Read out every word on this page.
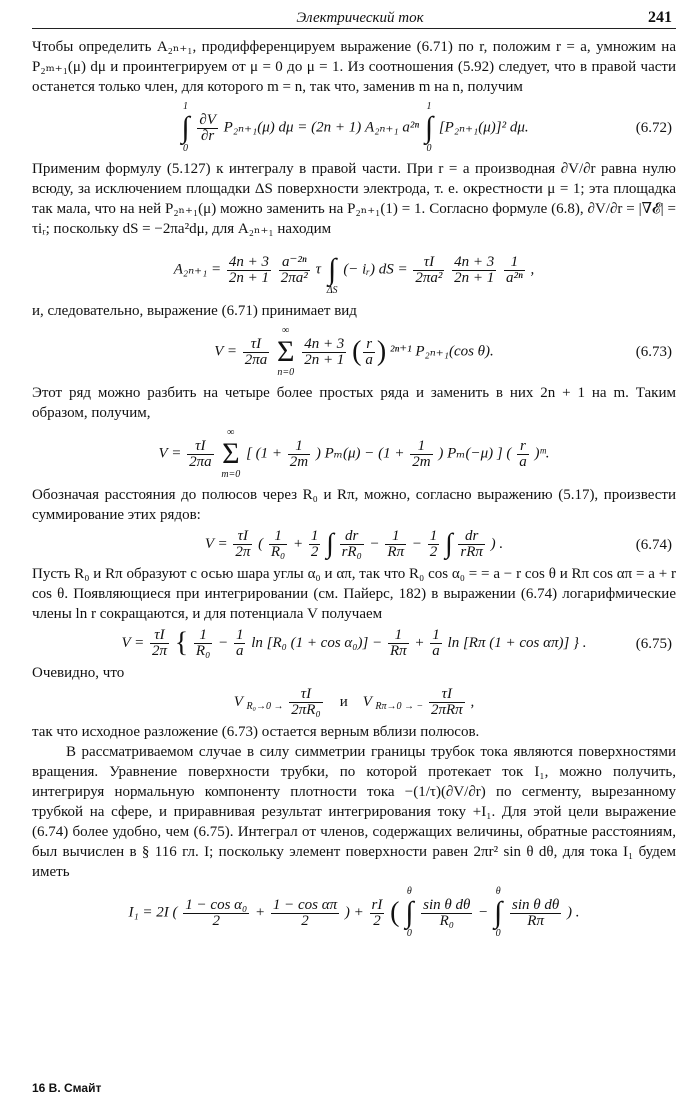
Электрический ток	241

Чтобы определить A₂ₙ₊₁, продифференцируем выражение (6.71) по r, положим r = a, умножим на P₂ₘ₊₁(μ) dμ и проинтегрируем от μ = 0 до μ = 1. Из соотношения (5.92) следует, что в правой части останется только член, для которого m = n, так что, заменив m на n, получим

1
∫
0

$\frac{\partial V}{\partial r} P_{2n+1}(\mu) d\mu = (2n + 1)$ A₂ₙ₊₁ a²ⁿ
1
∫
0
[P₂ₙ₊₁(μ)]² dμ.	(6.72)

Применим формулу (5.127) к интегралу в правой части. При r = a производная ∂V/∂r равна нулю всюду, за исключением площадки ΔS поверхности электрода, т. е. окрестности μ = 1; эта площадка так мала, что на ней P₂ₙ₊₁(μ) можно заменить на P₂ₙ₊₁(1) = 1. Согласно формуле (6.8), ∂V/∂r = |∇𝓔| = τiᵣ; поскольку dS = −2πa²dμ, для A₂ₙ₊₁ находим

$A_{2n+1} = \frac{4n + 3}{2n + 1}$
$\frac{\text{a⁻²ⁿ}}{\text{2πa²}}$ τ
∫
ΔS
(− iᵣ) dS = $\frac{\tau I}{\text{2πa²}}$
$\frac{4n + 3}{2n + 1}$
$\frac{1}{\text{a²ⁿ}}$ ,

и, следовательно, выражение (6.71) принимает вид

$V = \frac{\tau I}{2\pi a}$

∞
Σ
n=0

$\frac{4n + 3}{2n + 1}$ ( $\frac{r}{a}$ ) ²ⁿ⁺¹ P₂ₙ₊₁(cos θ).	(6.73)

Этот ряд можно разбить на четыре более простых ряда и заменить в них 2n + 1 на m. Таким образом, получим,

$V = \frac{\tau I}{2\pi a}$

∞
Σ
m=0
[ ($1 + \frac{1}{2m}$ ) $P_m(\mu) - (1 + \frac{1}{2m}$ ) Pₘ(−μ) ] ( $\frac{r}{a}$ )ᵐ.

Обозначая расстояния до полюсов через R₀ и Rπ, можно, согласно выражению (5.17), произвести суммирование этих рядов:

$V = \frac{\tau I}{2\pi}$ ( $\frac{1}{\text{R₀}} + \frac{1}{2}$ ∫ $\frac{dr}{\text{rR₀}} - \frac{1}{R\pi} - \frac{1}{2}$ ∫ $\frac{dr}{\text{rRπ}}$ ) .	(6.74)

Пусть R₀ и Rπ образуют с осью шара углы α₀ и απ, так что R₀ cos α₀ = = a − r cos θ и Rπ cos απ = a + r cos θ. Появляющиеся при интегрировании (см. Пайерс, 182) в выражении (6.74) логарифмические члены ln r сокращаются, и для потенциала V получаем

$V = \frac{\tau I}{2\pi}$ { $\frac{1}{\text{R₀}} - \frac{1}{a}$ ln [R₀ $(1 + \cos \alpha_0)] - \frac{1}{R\pi} + \frac{1}{a}$ ln [Rπ (1 + cos απ)] } .	(6.75)

Очевидно, что

V $_{R_0\to 0 \to} \frac{\tau I}{\text{2πR₀}}$ и V $_{R\pi\to 0 \to -} \frac{\tau I}{\text{2πRπ}}$ ,

так что исходное разложение (6.73) остается верным вблизи полюсов.

В рассматриваемом случае в силу симметрии границы трубок тока являются поверхностями вращения. Уравнение поверхности трубки, по которой протекает ток I₁, можно получить, интегрируя нормальную компоненту плотности тока −(1/τ)(∂V/∂r) по сегменту, вырезанному трубкой на сфере, и приравнивая результат интегрирования току +I₁. Для этой цели выражение (6.74) более удобно, чем (6.75). Интеграл от членов, содержащих величины, обратные расстояниям, был вычислен в § 116 гл. I; поскольку элемент поверхности равен 2πr² sin θ dθ, для тока I₁ будем иметь

I₁ = 2I ( $\frac{\text{1 − cos α₀}}{2} + \frac{\text{1 − cos απ}}{2}$ ) + $\frac{rI}{2}$ (
θ
∫
0

$\frac{\text{sin θ dθ}}{\text{R₀}}$ −
θ
∫
0

$\frac{\text{sin θ dθ}}{R\pi}$ ) .
16 В. Смайт
